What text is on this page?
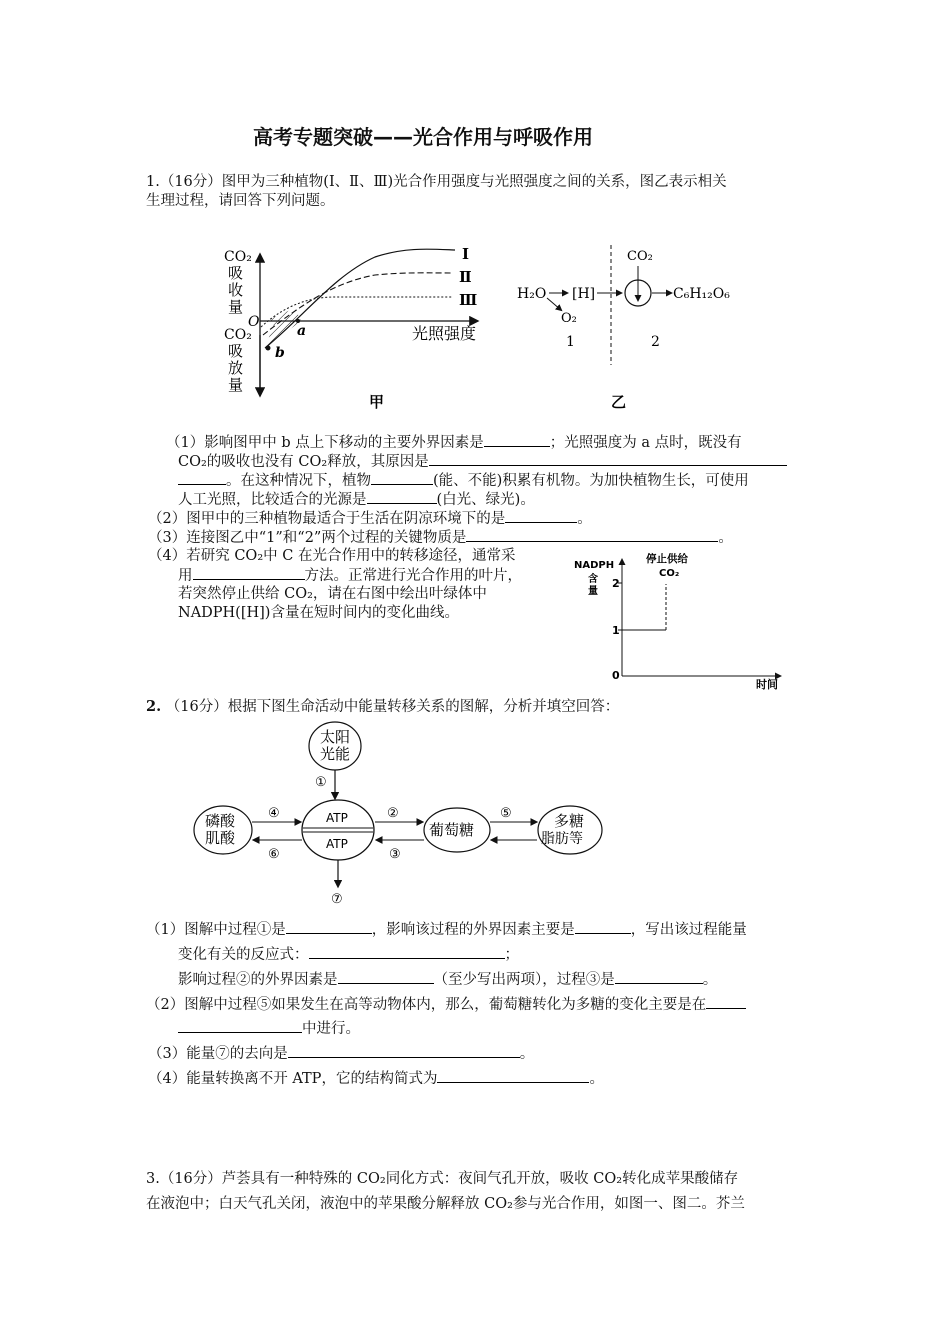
高考专题突破——光合作用与呼吸作用
1.（16分）图甲为三种植物(Ⅰ、Ⅱ、Ⅲ)光合作用强度与光照强度之间的关系，图乙表示相关
生理过程，请回答下列问题。
CO₂
吸
收
量
CO₂
吸
放
量
O
a
b
光照强度
Ⅰ
Ⅱ
Ⅲ
甲
H₂O
O₂
[H]
CO₂
C₆H₁₂O₆
1	2
乙
（1）影响图甲中 b 点上下移动的主要外界因素是	；光照强度为 a 点时，既没有
CO₂的吸收也没有 CO₂释放，其原因是
。在这种情况下，植物	(能、不能)积累有机物。为加快植物生长，可使用
人工光照，比较适合的光源是	(白光、绿光)。
（2）图甲中的三种植物最适合于生活在阴凉环境下的是	。
（3）连接图乙中“1”和“2”两个过程的关键物质是	。
（4）若研究 CO₂中 C 在光合作用中的转移途径，通常采
用	方法。正常进行光合作用的叶片，
若突然停止供给 CO₂，请在右图中绘出叶绿体中
NADPH([H])含量在短时间内的变化曲线。
NADPH
含
量
停止供给
CO₂
2
1
0
时间
2. （16分）根据下图生命活动中能量转移关系的图解，分析并填空回答：
太阳
光能
①
ATP
ATP
⑦
磷酸
肌酸
④
⑥
葡萄糖
②
③
多糖
脂肪等
⑤
（1）图解中过程①是	，影响该过程的外界因素主要是	，写出该过程能量
变化有关的反应式：	；
影响过程②的外界因素是	（至少写出两项），过程③是	。
（2）图解中过程⑤如果发生在高等动物体内，那么，葡萄糖转化为多糖的变化主要是在
中进行。
（3）能量⑦的去向是	。
（4）能量转换离不开 ATP，它的结构简式为	。
3.（16分）芦荟具有一种特殊的 CO₂同化方式：夜间气孔开放，吸收 CO₂转化成苹果酸储存
在液泡中；白天气孔关闭，液泡中的苹果酸分解释放 CO₂参与光合作用，如图一、图二。芥兰
